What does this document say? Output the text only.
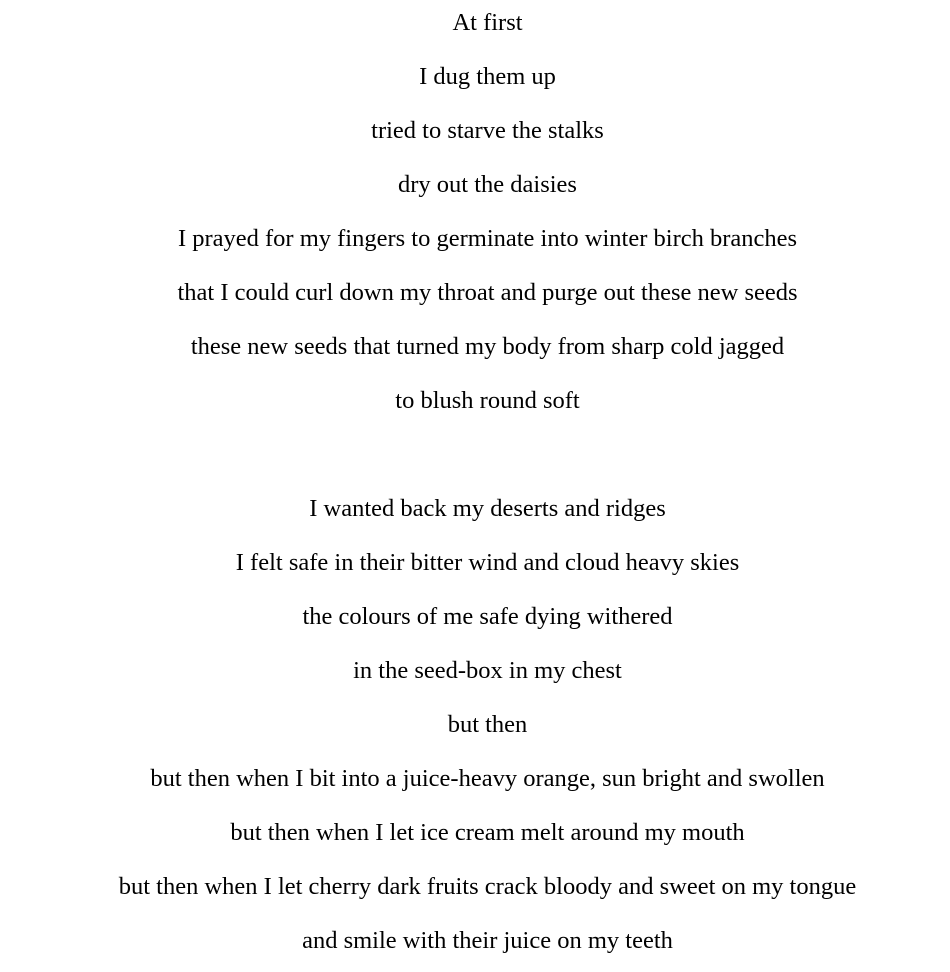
At first
I dug them up
tried to starve the stalks
dry out the daisies
I prayed for my fingers to germinate into winter birch branches
that I could curl down my throat and purge out these new seeds
these new seeds that turned my body from sharp cold jagged
to blush round soft
I wanted back my deserts and ridges
I felt safe in their bitter wind and cloud heavy skies
the colours of me safe dying withered
in the seed-box in my chest
but then
but then when I bit into a juice-heavy orange, sun bright and swollen
but then when I let ice cream melt around my mouth
but then when I let cherry dark fruits crack bloody and sweet on my tongue
and smile with their juice on my teeth
